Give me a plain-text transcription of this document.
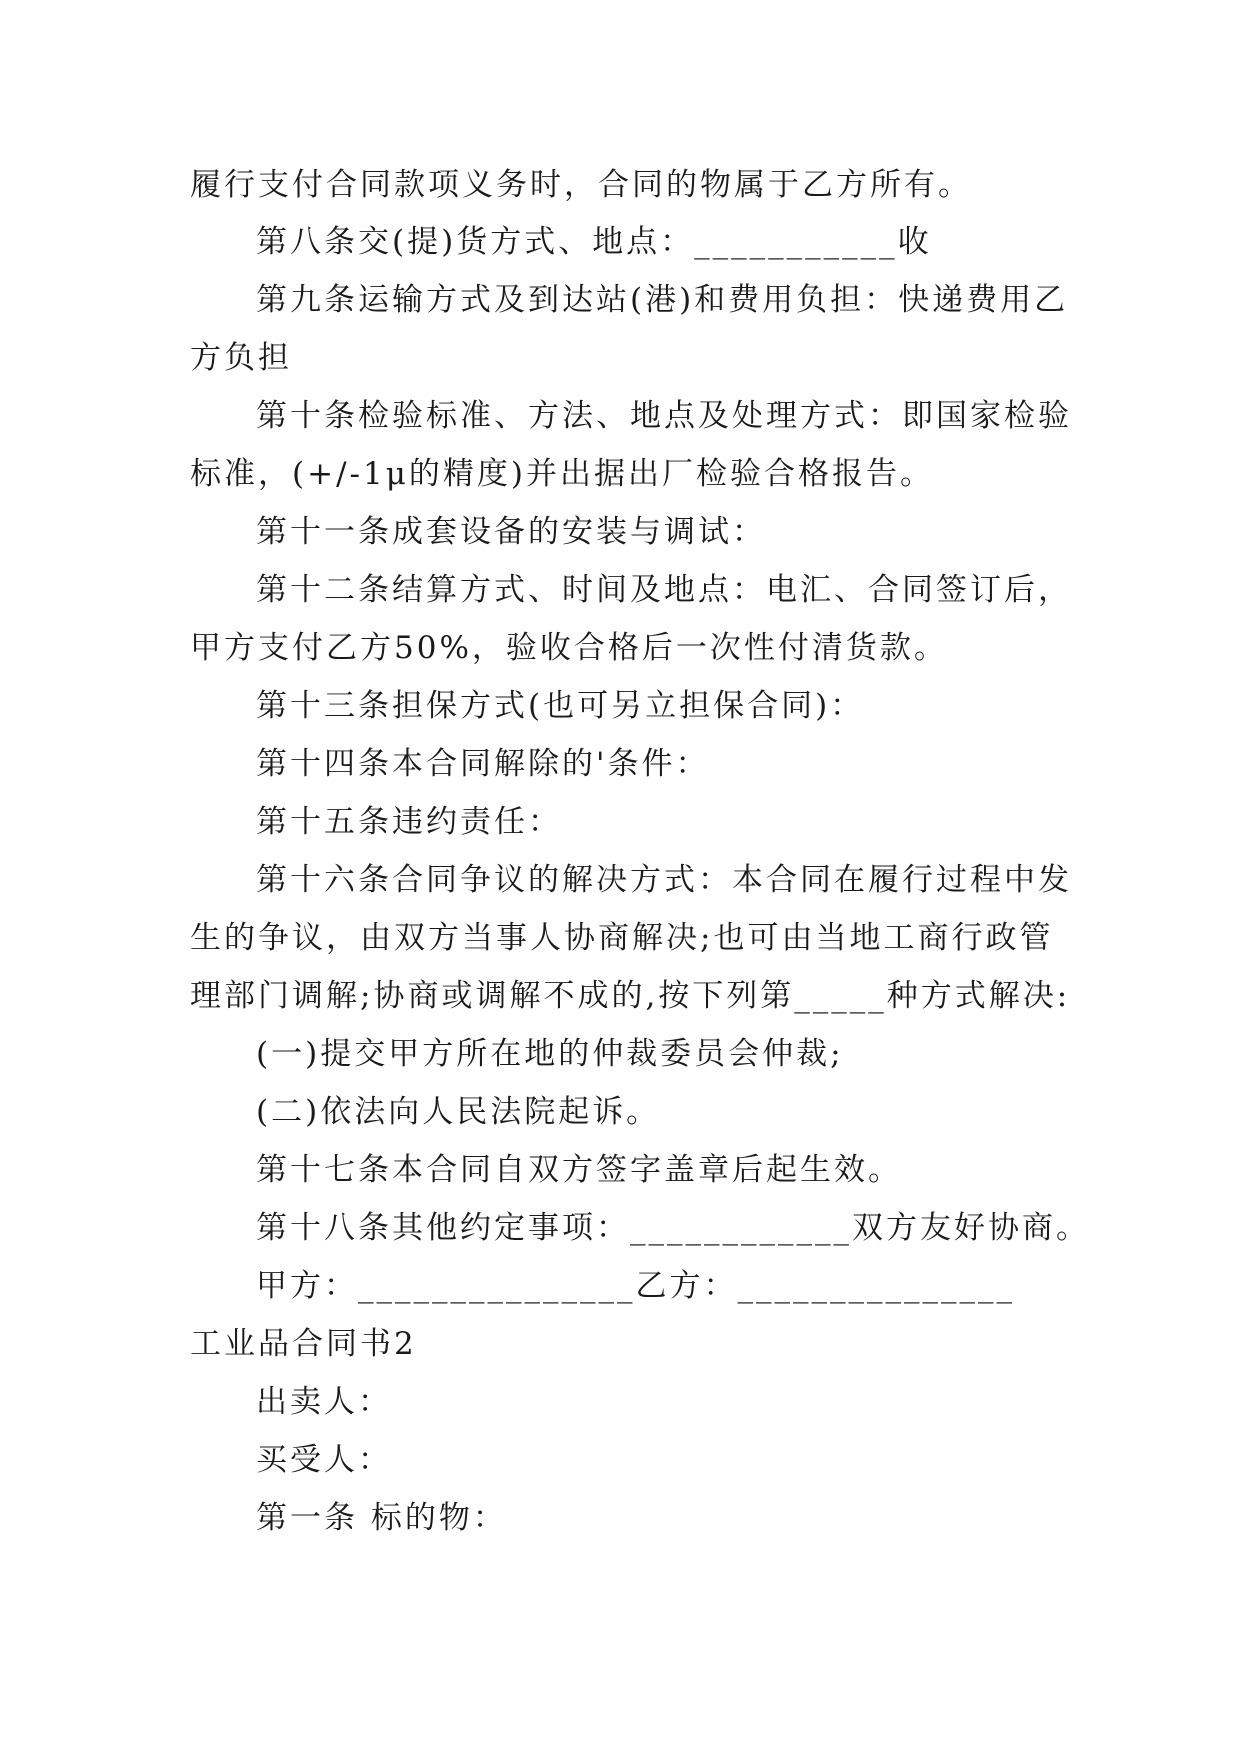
履行支付合同款项义务时，合同的物属于乙方所有。
第八条交(提)货方式、地点：___________收
第九条运输方式及到达站(港)和费用负担：快递费用乙
方负担
第十条检验标准、方法、地点及处理方式：即国家检验
标准，(+/-1μ的精度)并出据出厂检验合格报告。
第十一条成套设备的安装与调试：
第十二条结算方式、时间及地点：电汇、合同签订后，
甲方支付乙方50%，验收合格后一次性付清货款。
第十三条担保方式(也可另立担保合同)：
第十四条本合同解除的'条件：
第十五条违约责任：
第十六条合同争议的解决方式：本合同在履行过程中发
生的争议，由双方当事人协商解决;也可由当地工商行政管
理部门调解;协商或调解不成的,按下列第_____种方式解决:
(一)提交甲方所在地的仲裁委员会仲裁;
(二)依法向人民法院起诉。
第十七条本合同自双方签字盖章后起生效。
第十八条其他约定事项：____________双方友好协商。
甲方：_______________乙方：_______________
工业品合同书2
出卖人：
买受人：
第一条 标的物：
